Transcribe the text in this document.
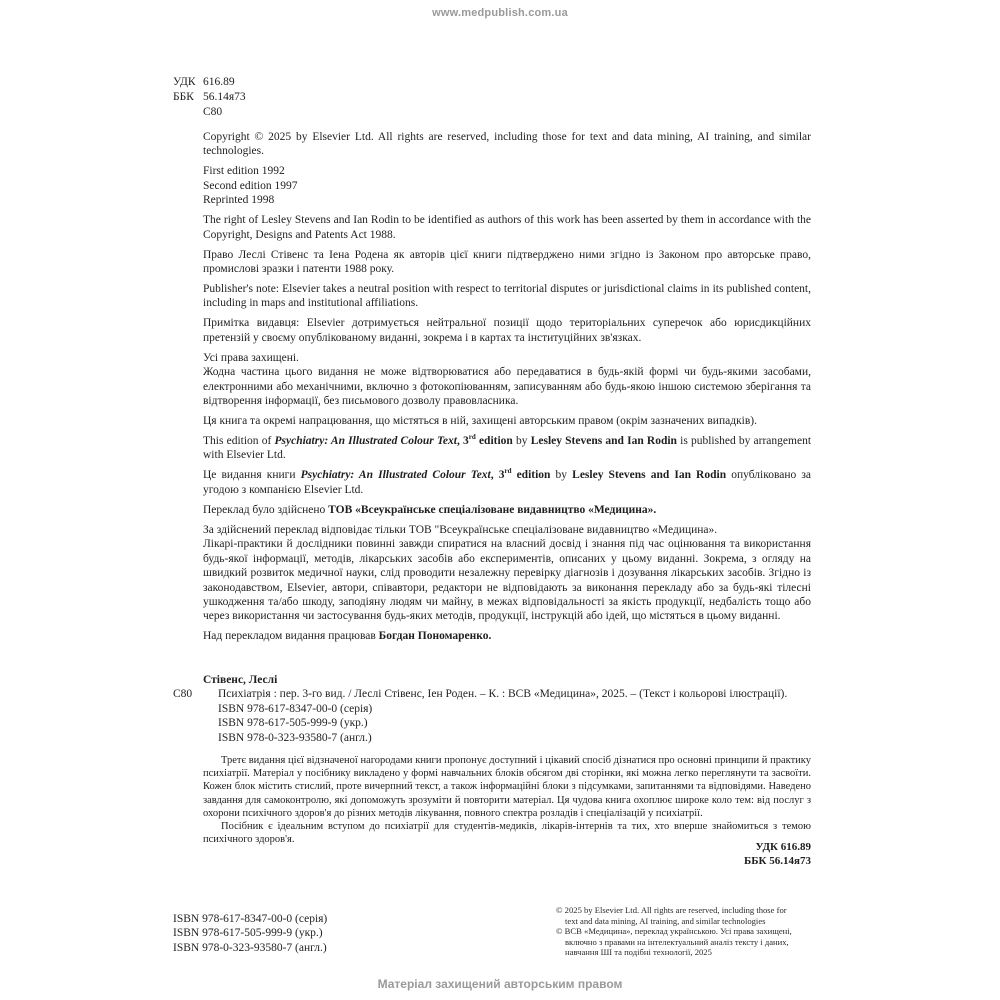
www.medpublish.com.ua
УДК 616.89
ББК 56.14я73
С80

Copyright © 2025 by Elsevier Ltd. All rights are reserved, including those for text and data mining, AI training, and similar technologies.

First edition 1992
Second edition 1997
Reprinted 1998

The right of Lesley Stevens and Ian Rodin to be identified as authors of this work has been asserted by them in accordance with the Copyright, Designs and Patents Act 1988.

Право Леслі Стівенс та Іена Родена як авторів цієї книги підтверджено ними згідно із Законом про авторське право, промислові зразки і патенти 1988 року.

Publisher's note: Elsevier takes a neutral position with respect to territorial disputes or jurisdictional claims in its published content, including in maps and institutional affiliations.

Примітка видавця: Elsevier дотримується нейтральної позиції щодо територіальних суперечок або юрисдикційних претензій у своєму опублікованому виданні, зокрема і в картах та інституційних зв'язках.

Усі права захищені.
Жодна частина цього видання не може відтворюватися або передаватися в будь-якій формі чи будь-якими засобами, електронними або механічними, включно з фотокопіюванням, записуванням або будь-якою іншою системою зберігання та відтворення інформації, без письмового дозволу правовласника.

Ця книга та окремі напрацювання, що містяться в ній, захищені авторським правом (окрім зазначених випадків).

This edition of Psychiatry: An Illustrated Colour Text, 3rd edition by Lesley Stevens and Ian Rodin is published by arrangement with Elsevier Ltd.

Це видання книги Psychiatry: An Illustrated Colour Text, 3rd edition by Lesley Stevens and Ian Rodin опубліковано за угодою з компанією Elsevier Ltd.

Переклад було здійснено ТОВ «Всеукраїнське спеціалізоване видавництво «Медицина».

За здійснений переклад відповідає тільки ТОВ "Всеукраїнське спеціалізоване видавництво «Медицина».

Лікарі-практики й дослідники повинні завжди спиратися на власний досвід і знання під час оцінювання та використання будь-якої інформації, методів, лікарських засобів або експериментів, описаних у цьому виданні. Зокрема, з огляду на швидкий розвиток медичної науки, слід проводити незалежну перевірку діагнозів і дозування лікарських засобів. Згідно із законодавством, Elsevier, автори, співавтори, редактори не відповідають за виконання перекладу або за будь-які тілесні ушкодження та/або шкоду, заподіяну людям чи майну, в межах відповідальності за якість продукції, недбалість тощо або через використання чи застосування будь-яких методів, продукції, інструкцій або ідей, що містяться в цьому виданні.

Над перекладом видання працював Богдан Пономаренко.

Стівенс, Леслі
С80	Психіатрія : пер. 3-го вид. / Леслі Стівенс, Іен Роден. – К. : ВСВ «Медицина», 2025. – (Текст і кольорові ілюстрації).
ISBN 978-617-8347-00-0 (серія)
ISBN 978-617-505-999-9 (укр.)
ISBN 978-0-323-93580-7 (англ.)

Третє видання цієї відзначеної нагородами книги пропонує доступний і цікавий спосіб дізнатися про основні принципи й практику психіатрії. Матеріал у посібнику викладено у формі навчальних блоків обсягом дві сторінки, які можна легко переглянути та засвоїти. Кожен блок містить стислий, проте вичерпний текст, а також інформаційні блоки з підсумками, запитаннями та відповідями. Наведено завдання для самоконтролю, які допоможуть зрозуміти й повторити матеріал. Ця чудова книга охоплює широке коло тем: від послуг з охорони психічного здоров'я до різних методів лікування, повного спектра розладів і спеціалізацій у психіатрії.

Посібник є ідеальним вступом до психіатрії для студентів-медиків, лікарів-інтернів та тих, хто вперше знайомиться з темою психічного здоров'я.

УДК 616.89
ББК 56.14я73
ISBN 978-617-8347-00-0 (серія)
ISBN 978-617-505-999-9 (укр.)
ISBN 978-0-323-93580-7 (англ.)
© 2025 by Elsevier Ltd. All rights are reserved, including those for
text and data mining, AI training, and similar technologies
© ВСВ «Медицина», переклад українською. Усі права захищені,
включно з правами на інтелектуальний аналіз тексту і даних,
навчання ШІ та подібні технології, 2025
Матеріал захищений авторським правом
